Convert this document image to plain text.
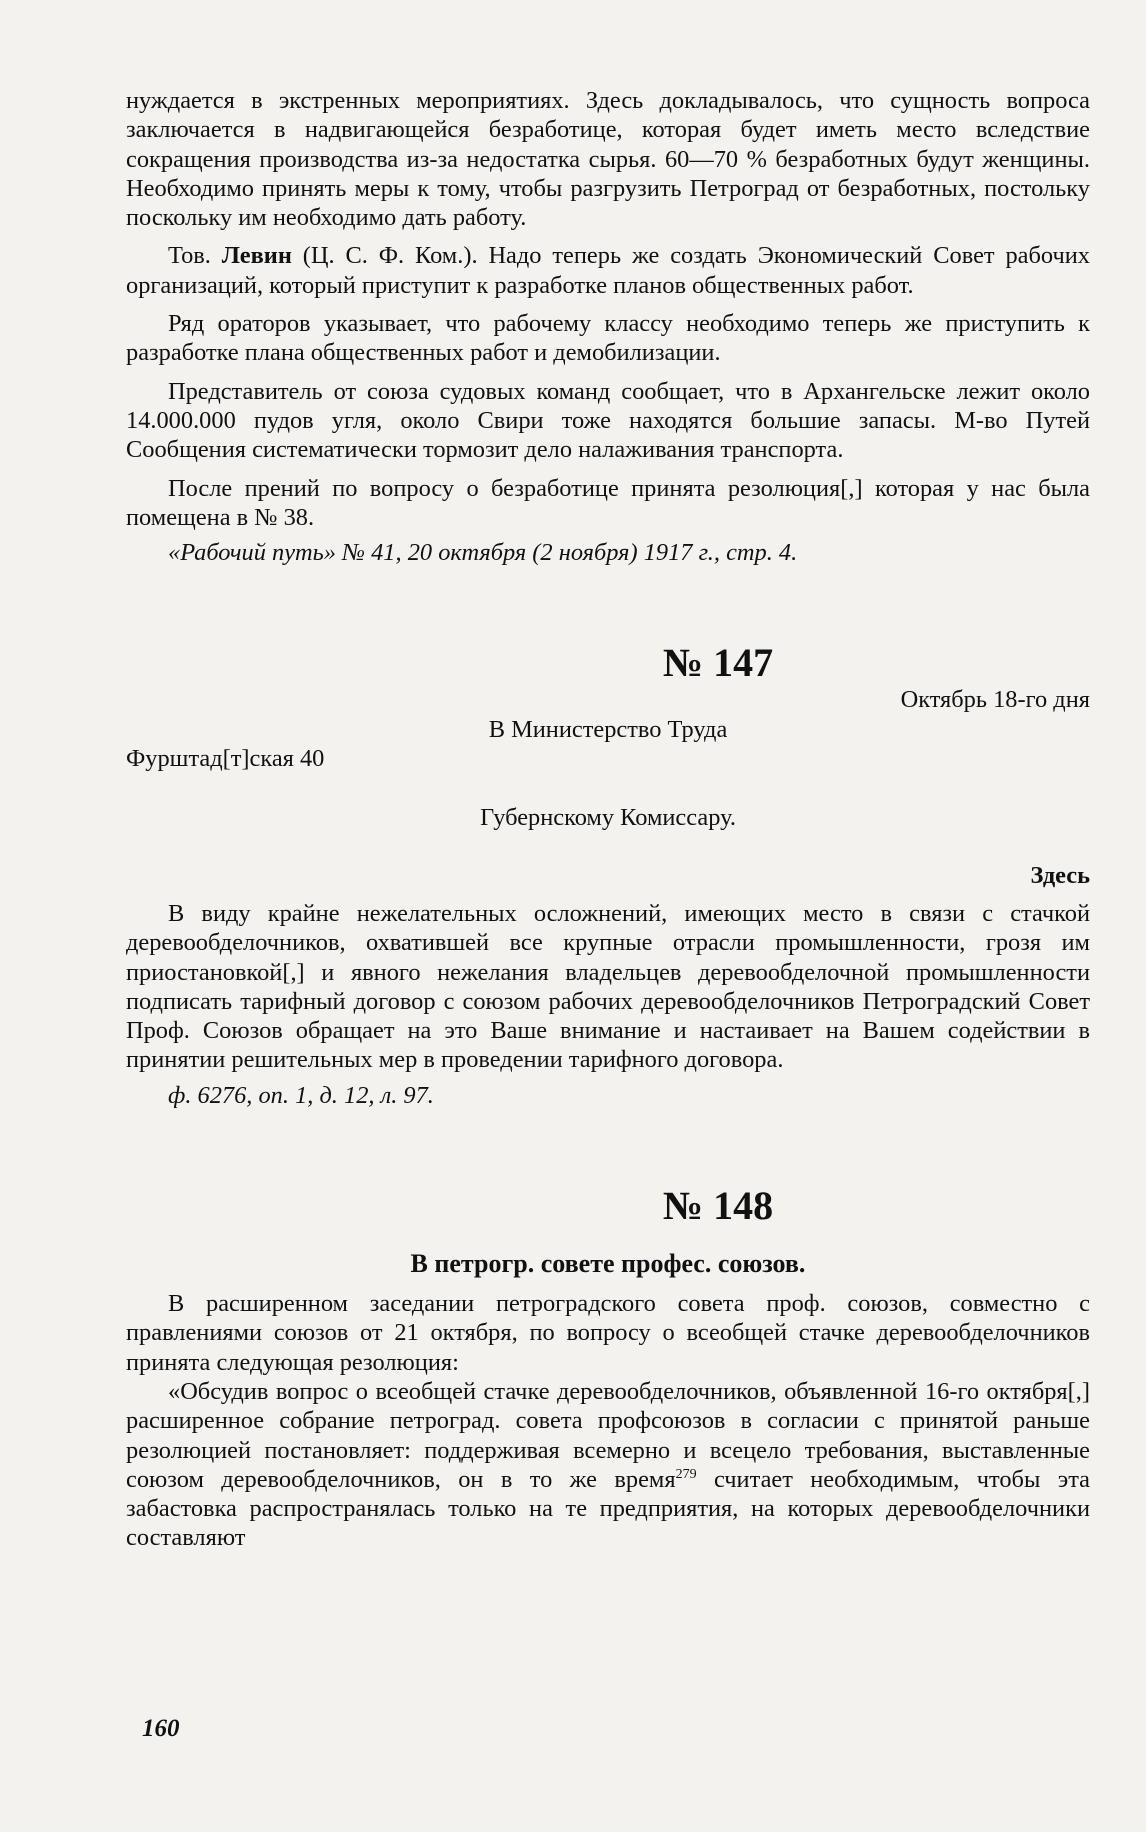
нуждается в экстренных мероприятиях. Здесь докладывалось, что сущность вопроса заключается в надвигающейся безработице, которая будет иметь место вследствие сокращения производства из-за недостатка сырья. 60—70 % безработных будут женщины. Необходимо принять меры к тому, чтобы разгрузить Петроград от безработных, постольку поскольку им необходимо дать работу.

Тов. Левин (Ц. С. Ф. Ком.). Надо теперь же создать Экономический Совет рабочих организаций, который приступит к разработке планов общественных работ.

Ряд ораторов указывает, что рабочему классу необходимо теперь же приступить к разработке плана общественных работ и демобилизации.

Представитель от союза судовых команд сообщает, что в Архангельске лежит около 14.000.000 пудов угля, около Свири тоже находятся большие запасы. М-во Путей Сообщения систематически тормозит дело налаживания транспорта.

После прений по вопросу о безработице принята резолюция[,] которая у нас была помещена в № 38.

«Рабочий путь» № 41, 20 октября (2 ноября) 1917 г., стр. 4.

№ 147

Октябрь 18-го дня

В Министерство Труда

Фурштад[т]ская 40

Губернскому Комиссару.

Здесь

В виду крайне нежелательных осложнений, имеющих место в связи с стачкой деревообделочников, охватившей все крупные отрасли промышленности, грозя им приостановкой[,] и явного нежелания владельцев деревообделочной промышленности подписать тарифный договор с союзом рабочих деревообделочников Петроградский Совет Проф. Союзов обращает на это Ваше внимание и настаивает на Вашем содействии в принятии решительных мер в проведении тарифного договора.

ф. 6276, оп. 1, д. 12, л. 97.

№ 148
В петрогр. совете профес. союзов.

В расширенном заседании петроградского совета проф. союзов, совместно с правлениями союзов от 21 октября, по вопросу о всеобщей стачке деревообделочников принята следующая резолюция:

«Обсудив вопрос о всеобщей стачке деревообделочников, объявленной 16-го октября[,] расширенное собрание петроград. совета профсоюзов в согласии с принятой раньше резолюцией постановляет: поддерживая всемерно и всецело требования, выставленные союзом деревообделочников, он в то же время$^{279}$ считает необходимым, чтобы эта забастовка распространялась только на те предприятия, на которых деревообделочники составляют

160
